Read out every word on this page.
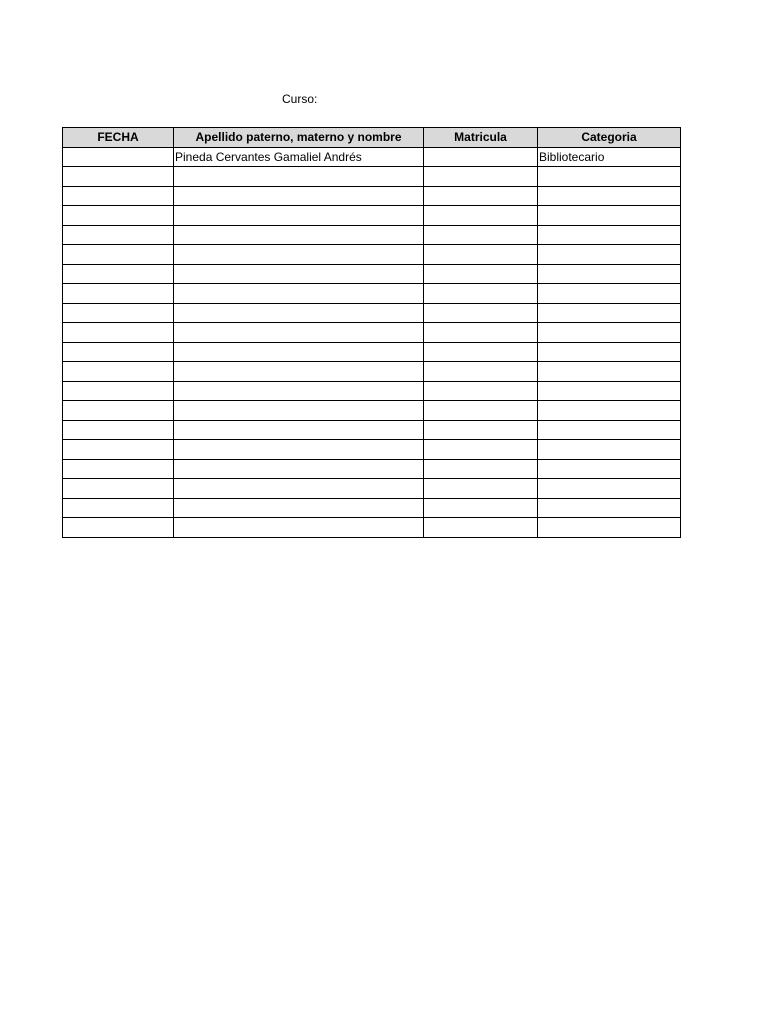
Curso:
FECHA	Apellido paterno, materno y nombre	Matricula	Categoria
	Pineda Cervantes Gamaliel Andrés		Bibliotecario
